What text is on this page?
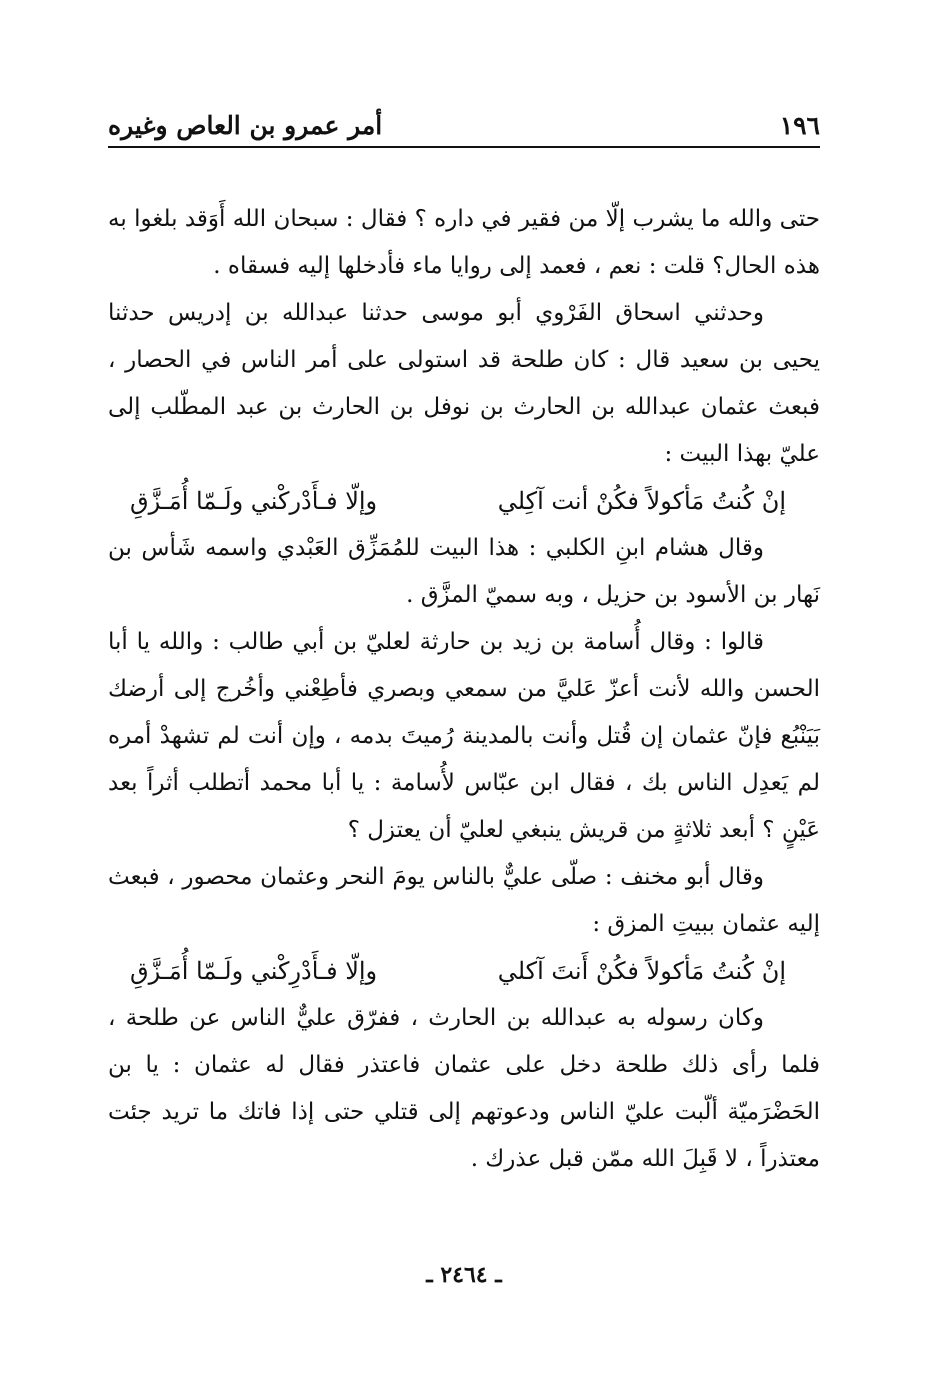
١٩٦
أمر عمرو بن العاص وغيره

حتى والله ما يشرب إلّا من فقير في داره ؟ فقال : سبحان الله أَوَقد بلغوا به هذه الحال؟ قلت : نعم ، فعمد إلى روايا ماء فأدخلها إليه فسقاه .

وحدثني اسحاق الفَرْوي أبو موسى حدثنا عبدالله بن إدريس حدثنا يحيى بن سعيد قال : كان طلحة قد استولى على أمر الناس في الحصار ، فبعث عثمان عبدالله بن الحارث بن نوفل بن الحارث بن عبد المطّلب إلى عليّ بهذا البيت :

إنْ كُنتُ مَأكولاً فكُنْ أنت آكِلي
وإلّا فـأَدْركْني ولَـمّا أُمَـزَّقِ

وقال هشام ابنِ الكلبي : هذا البيت للمُمَزِّق العَبْدي واسمه شَأس بن نَهار بن الأسود بن حزيل ، وبه سميّ المزَّق .

قالوا : وقال أُسامة بن زيد بن حارثة لعليّ بن أبي طالب : والله يا أبا الحسن والله لأنت أعزّ عَليَّ من سمعي وبصري فأطِعْني وأخُرج إلى أرضك بَيَنْبُع فإنّ عثمان إن قُتل وأنت بالمدينة رُميتَ بدمه ، وإن أنت لم تشهدْ أمره لم يَعدِل الناس بك ، فقال ابن عبّاس لأُسامة : يا أبا محمد أتطلب أثراً بعد عَيْنٍ ؟ أبعد ثلاثةٍ من قريش ينبغي لعليّ أن يعتزل ؟

وقال أبو مخنف : صلّى عليٌّ بالناس يومَ النحر وعثمان محصور ، فبعث إليه عثمان ببيتِ المزق :

إنْ كُنتُ مَأكولاً فكُنْ أَنتَ آكلي
وإلّا فـأَدْرِكْني ولَـمّا أُمَـزَّقِ

وكان رسوله به عبدالله بن الحارث ، ففرّق عليٌّ الناس عن طلحة ، فلما رأى ذلك طلحة دخل على عثمان فاعتذر فقال له عثمان : يا بن الحَضْرَميّة ألّبت عليّ الناس ودعوتهم إلى قتلي حتى إذا فاتك ما تريد جئت معتذراً ، لا قَبِلَ الله ممّن قبل عذرك .

ـ ٢٤٦٤ ـ
